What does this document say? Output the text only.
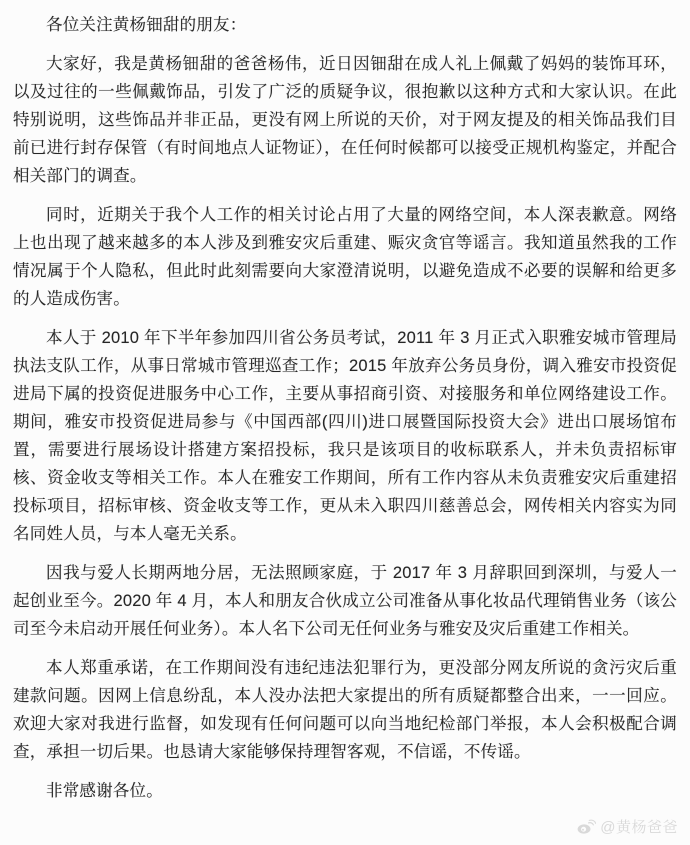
各位关注黄杨钿甜的朋友：

大家好，我是黄杨钿甜的爸爸杨伟，近日因钿甜在成人礼上佩戴了妈妈的装饰耳环，以及过往的一些佩戴饰品，引发了广泛的质疑争议，很抱歉以这种方式和大家认识。在此特别说明，这些饰品并非正品，更没有网上所说的天价，对于网友提及的相关饰品我们目前已进行封存保管（有时间地点人证物证），在任何时候都可以接受正规机构鉴定，并配合相关部门的调查。

同时，近期关于我个人工作的相关讨论占用了大量的网络空间，本人深表歉意。网络上也出现了越来越多的本人涉及到雅安灾后重建、赈灾贪官等谣言。我知道虽然我的工作情况属于个人隐私，但此时此刻需要向大家澄清说明，以避免造成不必要的误解和给更多的人造成伤害。

本人于 2010 年下半年参加四川省公务员考试，2011 年 3 月正式入职雅安城市管理局执法支队工作，从事日常城市管理巡查工作；2015 年放弃公务员身份，调入雅安市投资促进局下属的投资促进服务中心工作，主要从事招商引资、对接服务和单位网络建设工作。期间，雅安市投资促进局参与《中国西部(四川)进口展暨国际投资大会》进出口展场馆布置，需要进行展场设计搭建方案招投标，我只是该项目的收标联系人，并未负责招标审核、资金收支等相关工作。本人在雅安工作期间，所有工作内容从未负责雅安灾后重建招投标项目，招标审核、资金收支等工作，更从未入职四川慈善总会，网传相关内容实为同名同姓人员，与本人毫无关系。

因我与爱人长期两地分居，无法照顾家庭，于 2017 年 3 月辞职回到深圳，与爱人一起创业至今。2020 年 4 月，本人和朋友合伙成立公司准备从事化妆品代理销售业务（该公司至今未启动开展任何业务）。本人名下公司无任何业务与雅安及灾后重建工作相关。

本人郑重承诺，在工作期间没有违纪违法犯罪行为，更没部分网友所说的贪污灾后重建款问题。因网上信息纷乱，本人没办法把大家提出的所有质疑都整合出来，一一回应。欢迎大家对我进行监督，如发现有任何问题可以向当地纪检部门举报，本人会积极配合调查，承担一切后果。也恳请大家能够保持理智客观，不信谣，不传谣。

非常感谢各位。

@黄杨爸爸
